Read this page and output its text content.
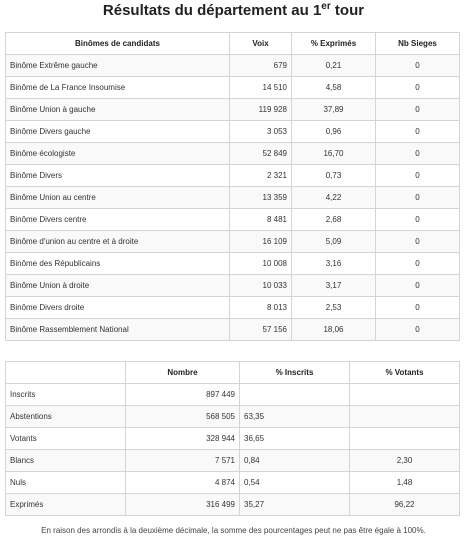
Résultats du département au 1er tour
Binômes de candidats	Voix	% Exprimés	Nb Sieges
Binôme Extrême gauche	679	0,21	0
Binôme de La France Insoumise	14 510	4,58	0
Binôme Union à gauche	119 928	37,89	0
Binôme Divers gauche	3 053	0,96	0
Binôme écologiste	52 849	16,70	0
Binôme Divers	2 321	0,73	0
Binôme Union au centre	13 359	4,22	0
Binôme Divers centre	8 481	2,68	0
Binôme d'union au centre et à droite	16 109	5,09	0
Binôme des Républicains	10 008	3,16	0
Binôme Union à droite	10 033	3,17	0
Binôme Divers droite	8 013	2,53	0
Binôme Rassemblement National	57 156	18,06	0
	Nombre	% Inscrits	% Votants
Inscrits	897 449		
Abstentions	568 505	63,35	
Votants	328 944	36,65	
Blancs	7 571	0,84	2,30
Nuls	4 874	0,54	1,48
Exprimés	316 499	35,27	96,22
En raison des arrondis à la deuxième décimale, la somme des pourcentages peut ne pas être égale à 100%.
